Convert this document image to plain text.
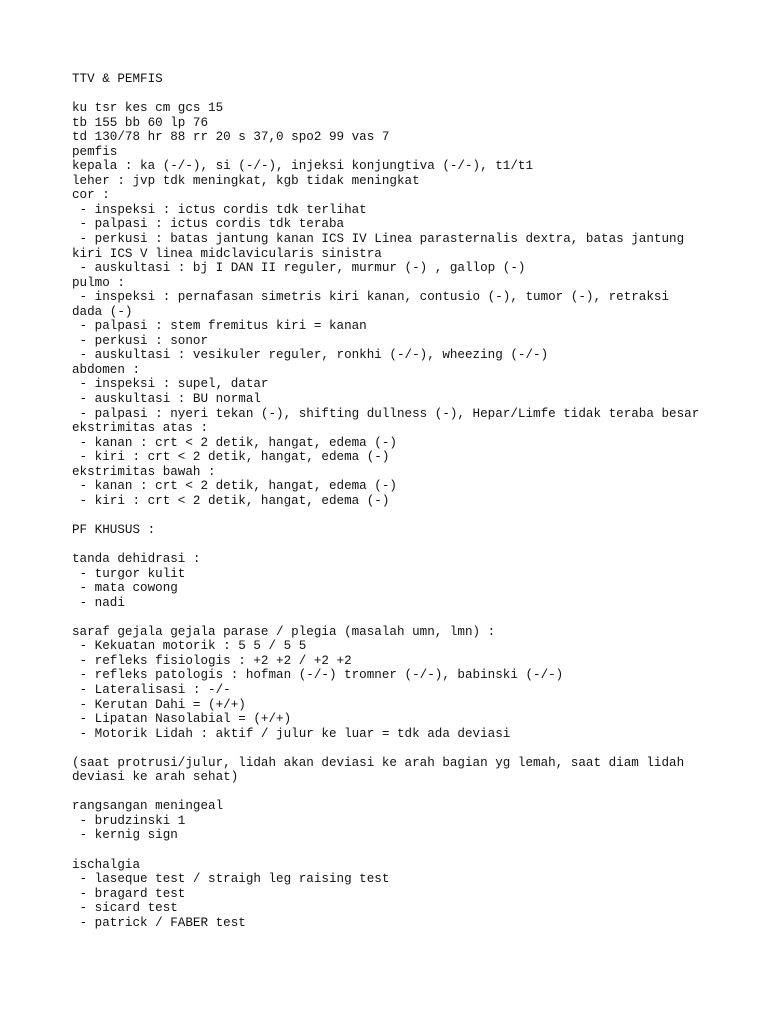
TTV & PEMFIS
ku tsr kes cm gcs 15
tb 155 bb 60 lp 76
td 130/78 hr 88 rr 20 s 37,0 spo2 99 vas 7
pemfis
kepala : ka (-/-), si (-/-), injeksi konjungtiva (-/-), t1/t1
leher : jvp tdk meningkat, kgb tidak meningkat
cor :
- inspeksi : ictus cordis tdk terlihat
- palpasi : ictus cordis tdk teraba
- perkusi : batas jantung kanan ICS IV Linea parasternalis dextra, batas jantung
kiri ICS V linea midclavicularis sinistra
- auskultasi : bj I DAN II reguler, murmur (-) , gallop (-)
pulmo :
- inspeksi : pernafasan simetris kiri kanan, contusio (-), tumor (-), retraksi
dada (-)
- palpasi : stem fremitus kiri = kanan
- perkusi : sonor
- auskultasi : vesikuler reguler, ronkhi (-/-), wheezing (-/-)
abdomen :
- inspeksi : supel, datar
- auskultasi : BU normal
- palpasi : nyeri tekan (-), shifting dullness (-), Hepar/Limfe tidak teraba besar
ekstrimitas atas :
- kanan : crt < 2 detik, hangat, edema (-)
- kiri : crt < 2 detik, hangat, edema (-)
ekstrimitas bawah :
- kanan : crt < 2 detik, hangat, edema (-)
- kiri : crt < 2 detik, hangat, edema (-)
PF KHUSUS :
tanda dehidrasi :
- turgor kulit
- mata cowong
- nadi
saraf gejala gejala parase / plegia (masalah umn, lmn) :
- Kekuatan motorik : 5 5 / 5 5
- refleks fisiologis : +2 +2 / +2 +2
- refleks patologis : hofman (-/-) tromner (-/-), babinski (-/-)
- Lateralisasi : -/-
- Kerutan Dahi = (+/+)
- Lipatan Nasolabial = (+/+)
- Motorik Lidah : aktif / julur ke luar = tdk ada deviasi
(saat protrusi/julur, lidah akan deviasi ke arah bagian yg lemah, saat diam lidah
deviasi ke arah sehat)
rangsangan meningeal
- brudzinski 1
- kernig sign
ischalgia
- laseque test / straigh leg raising test
- bragard test
- sicard test
- patrick / FABER test
